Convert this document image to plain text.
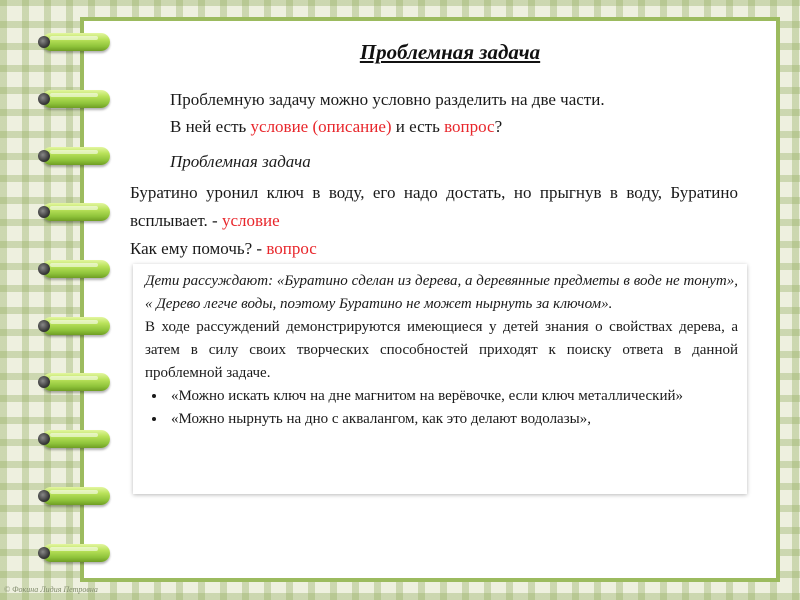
Проблемная задача
Проблемную задачу можно условно разделить на две части.
В ней есть условие (описание) и есть вопрос?
Проблемная задача

Буратино уронил ключ в воду, его надо достать, но прыгнув в воду, Буратино всплывает. - условие

Как ему помочь? - вопрос

Дети рассуждают: «Буратино сделан из дерева, а деревянные предметы в воде не тонут», « Дерево легче воды, поэтому Буратино не может нырнуть за ключом».

В ходе рассуждений демонстрируются имеющиеся у детей знания о свойствах дерева, а затем в силу своих творческих способностей приходят к поиску ответа в данной проблемной задаче.

• «Можно искать ключ на дне магнитом на верёвочке, если ключ металлический»
• «Можно нырнуть на дно с аквалангом, как это делают водолазы»,
© Фокина Лидия Петровна
